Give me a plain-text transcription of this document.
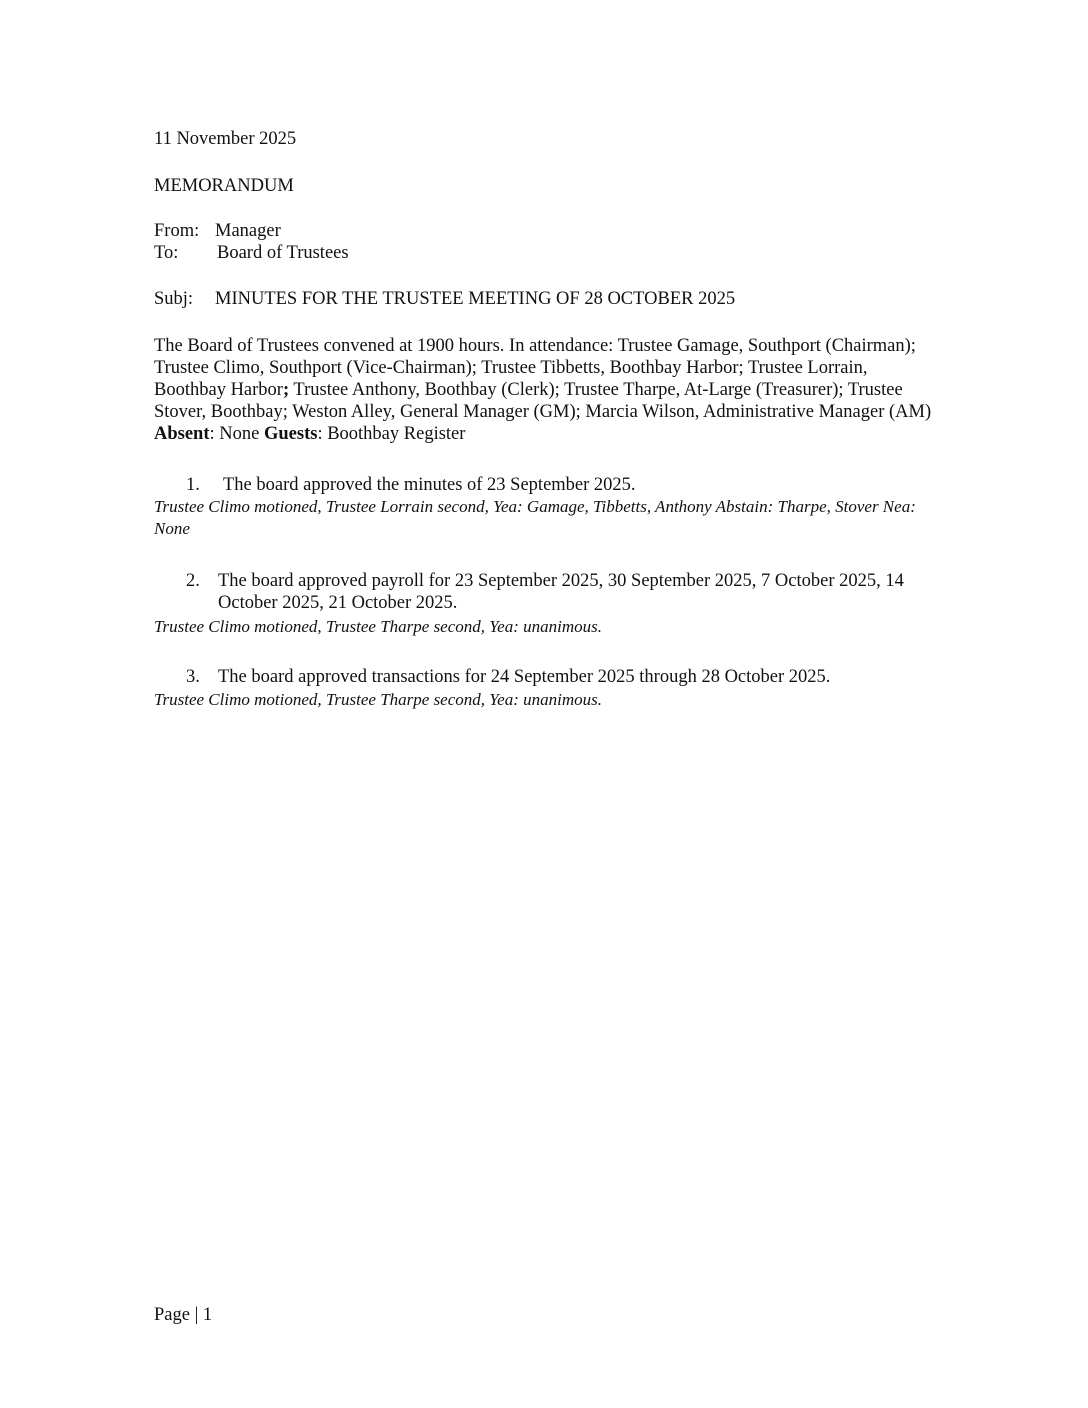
11 November 2025
MEMORANDUM
From: Manager
To: Board of Trustees
Subj: MINUTES FOR THE TRUSTEE MEETING OF 28 OCTOBER 2025
The Board of Trustees convened at 1900 hours. In attendance: Trustee Gamage, Southport (Chairman); Trustee Climo, Southport (Vice-Chairman); Trustee Tibbetts, Boothbay Harbor; Trustee Lorrain, Boothbay Harbor; Trustee Anthony, Boothbay (Clerk); Trustee Tharpe, At-Large (Treasurer); Trustee Stover, Boothbay; Weston Alley, General Manager (GM); Marcia Wilson, Administrative Manager (AM) Absent: None Guests: Boothbay Register
1. The board approved the minutes of 23 September 2025.
Trustee Climo motioned, Trustee Lorrain second, Yea: Gamage, Tibbetts, Anthony Abstain: Tharpe, Stover Nea: None
2. The board approved payroll for 23 September 2025, 30 September 2025, 7 October 2025, 14 October 2025, 21 October 2025.
Trustee Climo motioned, Trustee Tharpe second, Yea: unanimous.
3. The board approved transactions for 24 September 2025 through 28 October 2025.
Trustee Climo motioned, Trustee Tharpe second, Yea: unanimous.
Page | 1
